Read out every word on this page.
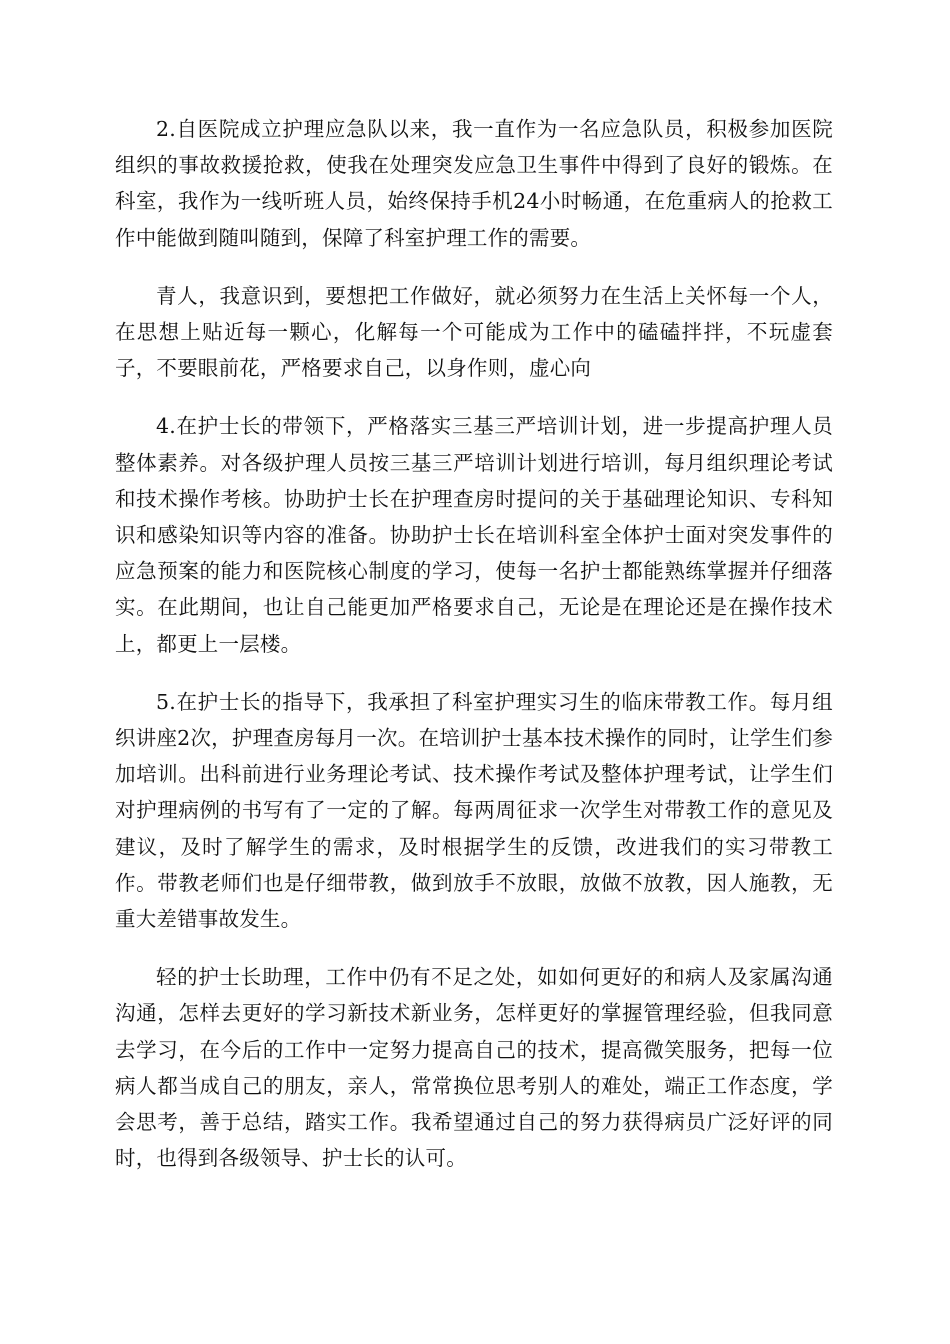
2.自医院成立护理应急队以来，我一直作为一名应急队员，积极参加医院组织的事故救援抢救，使我在处理突发应急卫生事件中得到了良好的锻炼。在科室，我作为一线听班人员，始终保持手机24小时畅通，在危重病人的抢救工作中能做到随叫随到，保障了科室护理工作的需要。

青人，我意识到，要想把工作做好，就必须努力在生活上关怀每一个人，在思想上贴近每一颗心，化解每一个可能成为工作中的磕磕拌拌，不玩虚套子，不要眼前花，严格要求自己，以身作则，虚心向

4.在护士长的带领下，严格落实三基三严培训计划，进一步提高护理人员整体素养。对各级护理人员按三基三严培训计划进行培训，每月组织理论考试和技术操作考核。协助护士长在护理查房时提问的关于基础理论知识、专科知识和感染知识等内容的准备。协助护士长在培训科室全体护士面对突发事件的应急预案的能力和医院核心制度的学习，使每一名护士都能熟练掌握并仔细落实。在此期间，也让自己能更加严格要求自己，无论是在理论还是在操作技术上，都更上一层楼。

5.在护士长的指导下，我承担了科室护理实习生的临床带教工作。每月组织讲座2次，护理查房每月一次。在培训护士基本技术操作的同时，让学生们参加培训。出科前进行业务理论考试、技术操作考试及整体护理考试，让学生们对护理病例的书写有了一定的了解。每两周征求一次学生对带教工作的意见及建议，及时了解学生的需求，及时根据学生的反馈，改进我们的实习带教工作。带教老师们也是仔细带教，做到放手不放眼，放做不放教，因人施教，无重大差错事故发生。

轻的护士长助理，工作中仍有不足之处，如如何更好的和病人及家属沟通沟通，怎样去更好的学习新技术新业务，怎样更好的掌握管理经验，但我同意去学习，在今后的工作中一定努力提高自己的技术，提高微笑服务，把每一位病人都当成自己的朋友，亲人，常常换位思考别人的难处，端正工作态度，学会思考，善于总结，踏实工作。我希望通过自己的努力获得病员广泛好评的同时，也得到各级领导、护士长的认可。
